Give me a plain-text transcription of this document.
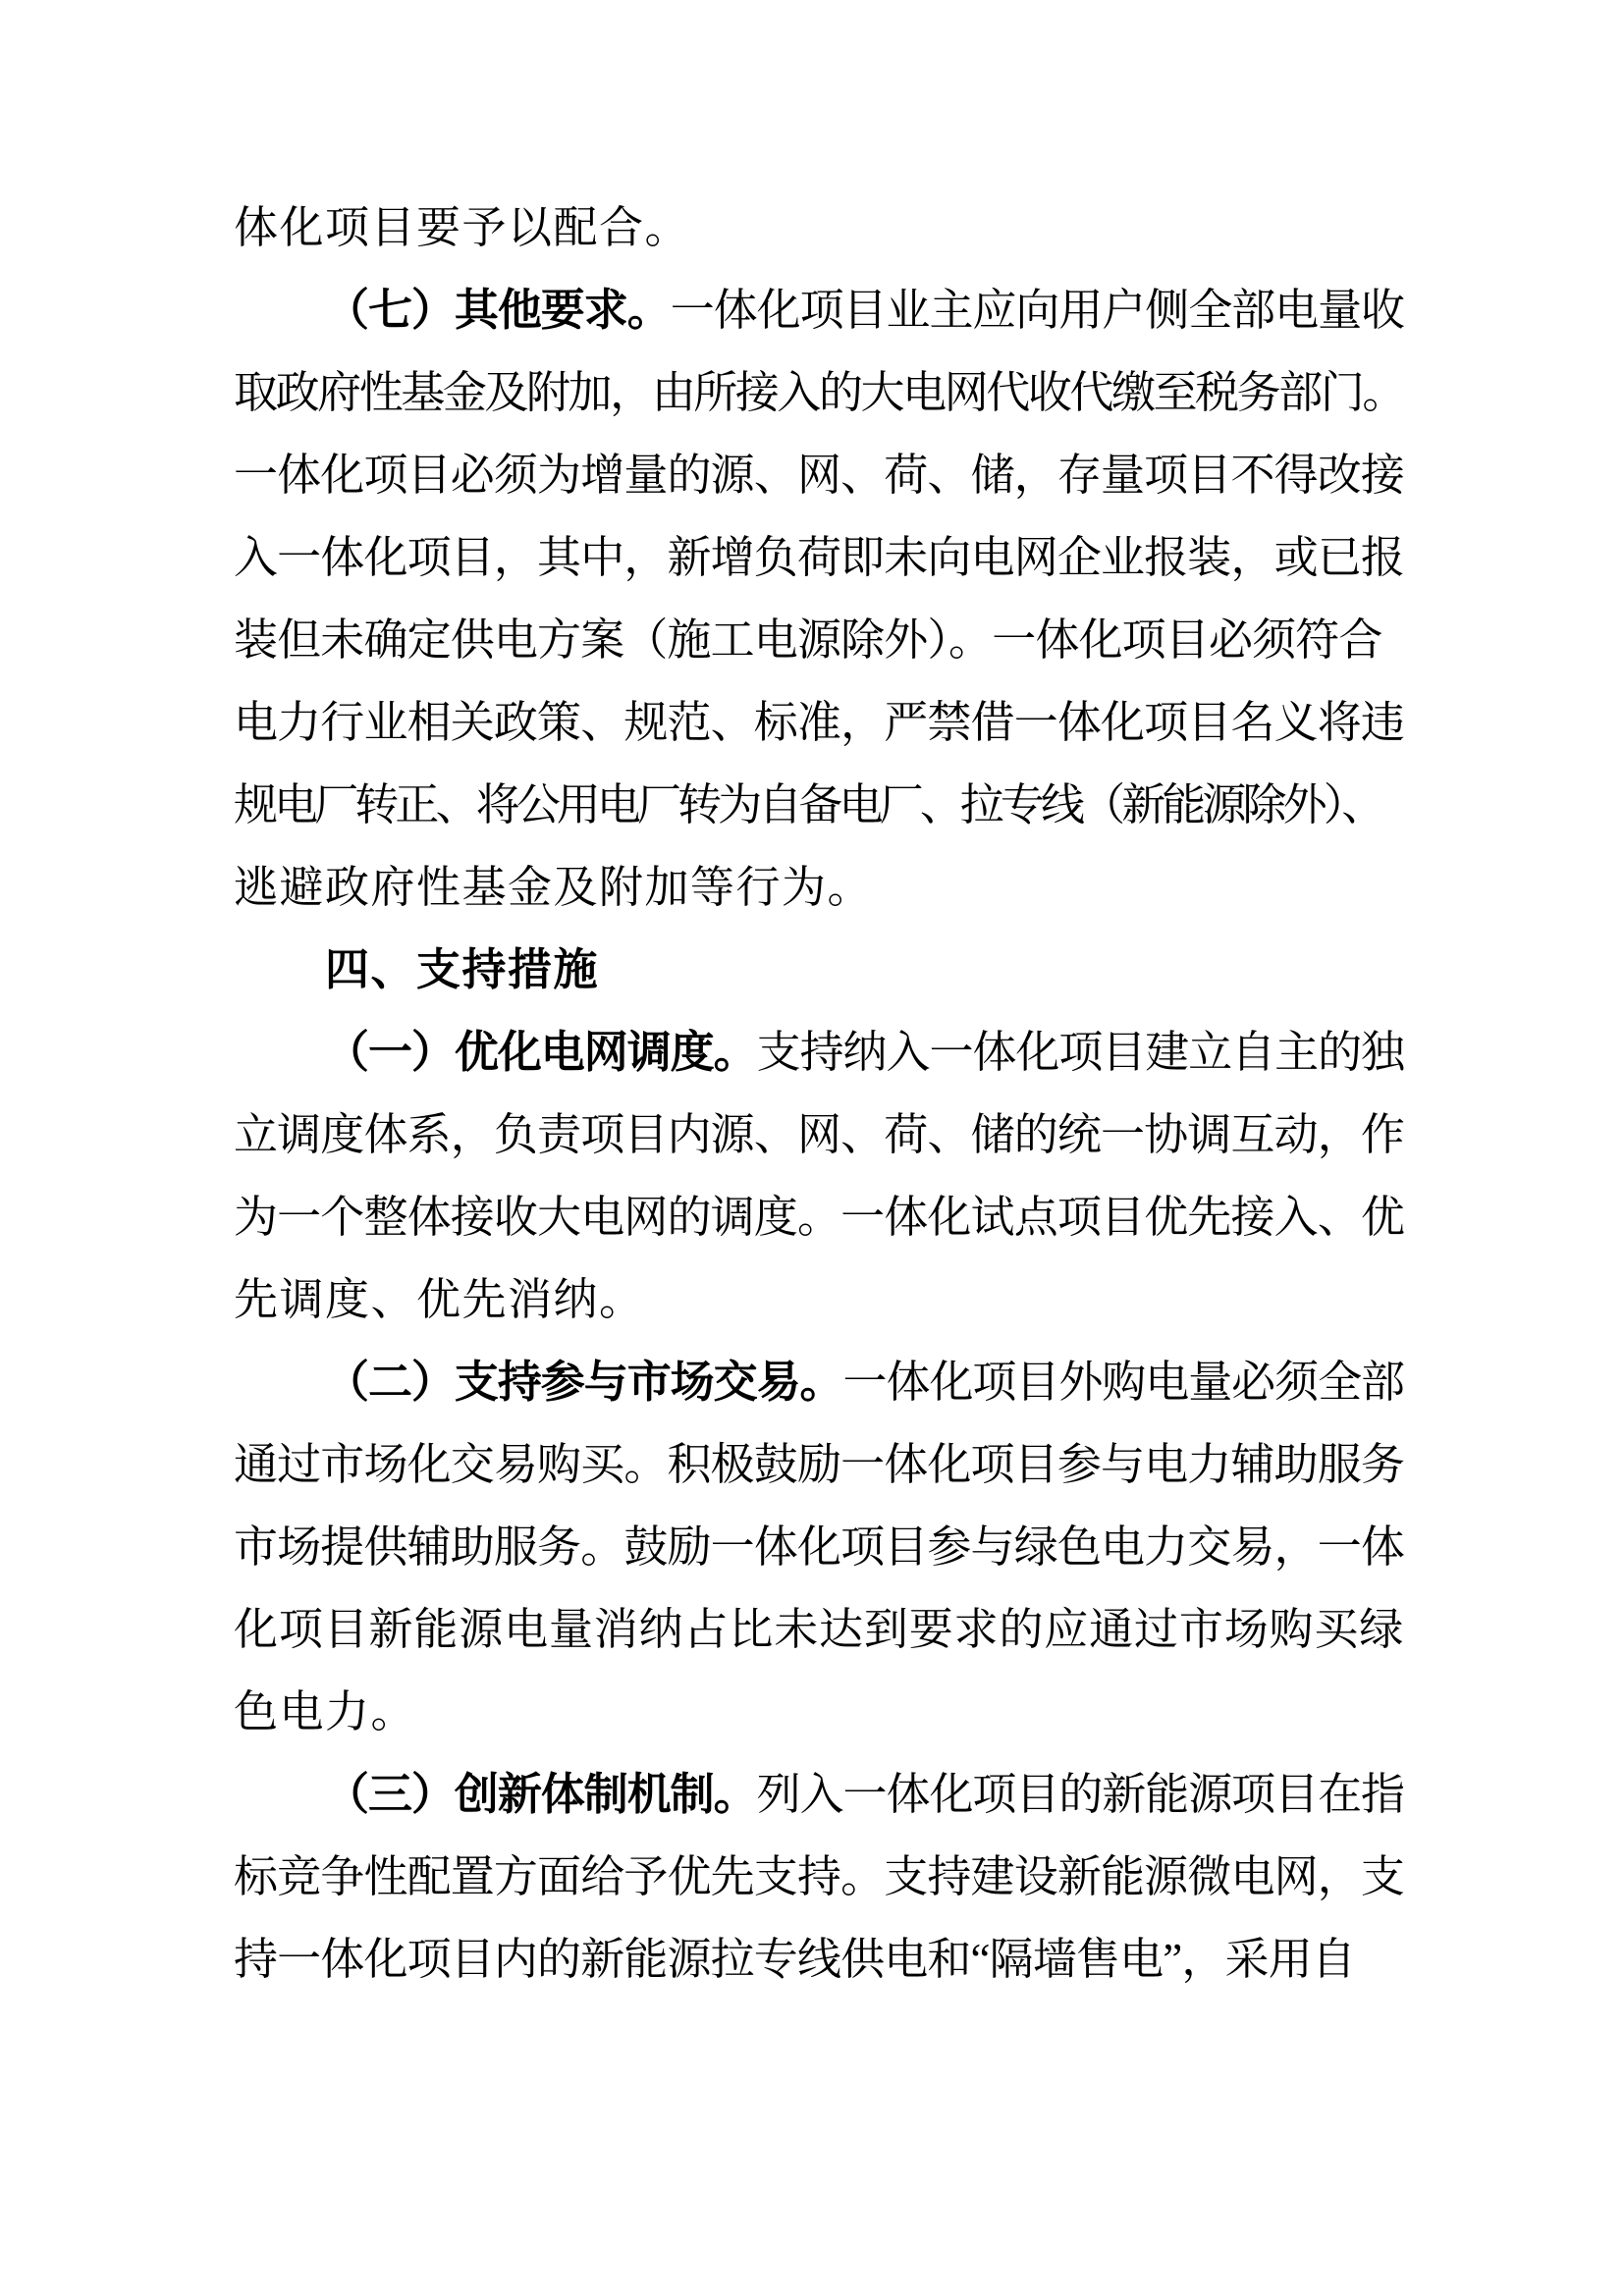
体化项目要予以配合。
（七）其他要求。一体化项目业主应向用户侧全部电量收
取政府性基金及附加，由所接入的大电网代收代缴至税务部门。
一体化项目必须为增量的源、网、荷、储，存量项目不得改接
入一体化项目，其中，新增负荷即未向电网企业报装，或已报
装但未确定供电方案（施工电源除外）。一体化项目必须符合
电力行业相关政策、规范、标准，严禁借一体化项目名义将违
规电厂转正、将公用电厂转为自备电厂、拉专线（新能源除外）、
逃避政府性基金及附加等行为。
四、支持措施
（一）优化电网调度。支持纳入一体化项目建立自主的独
立调度体系，负责项目内源、网、荷、储的统一协调互动，作
为一个整体接收大电网的调度。一体化试点项目优先接入、优
先调度、优先消纳。
（二）支持参与市场交易。一体化项目外购电量必须全部
通过市场化交易购买。积极鼓励一体化项目参与电力辅助服务
市场提供辅助服务。鼓励一体化项目参与绿色电力交易，一体
化项目新能源电量消纳占比未达到要求的应通过市场购买绿
色电力。
（三）创新体制机制。列入一体化项目的新能源项目在指
标竞争性配置方面给予优先支持。支持建设新能源微电网，支
持一体化项目内的新能源拉专线供电和“隔墙售电”，采用自
